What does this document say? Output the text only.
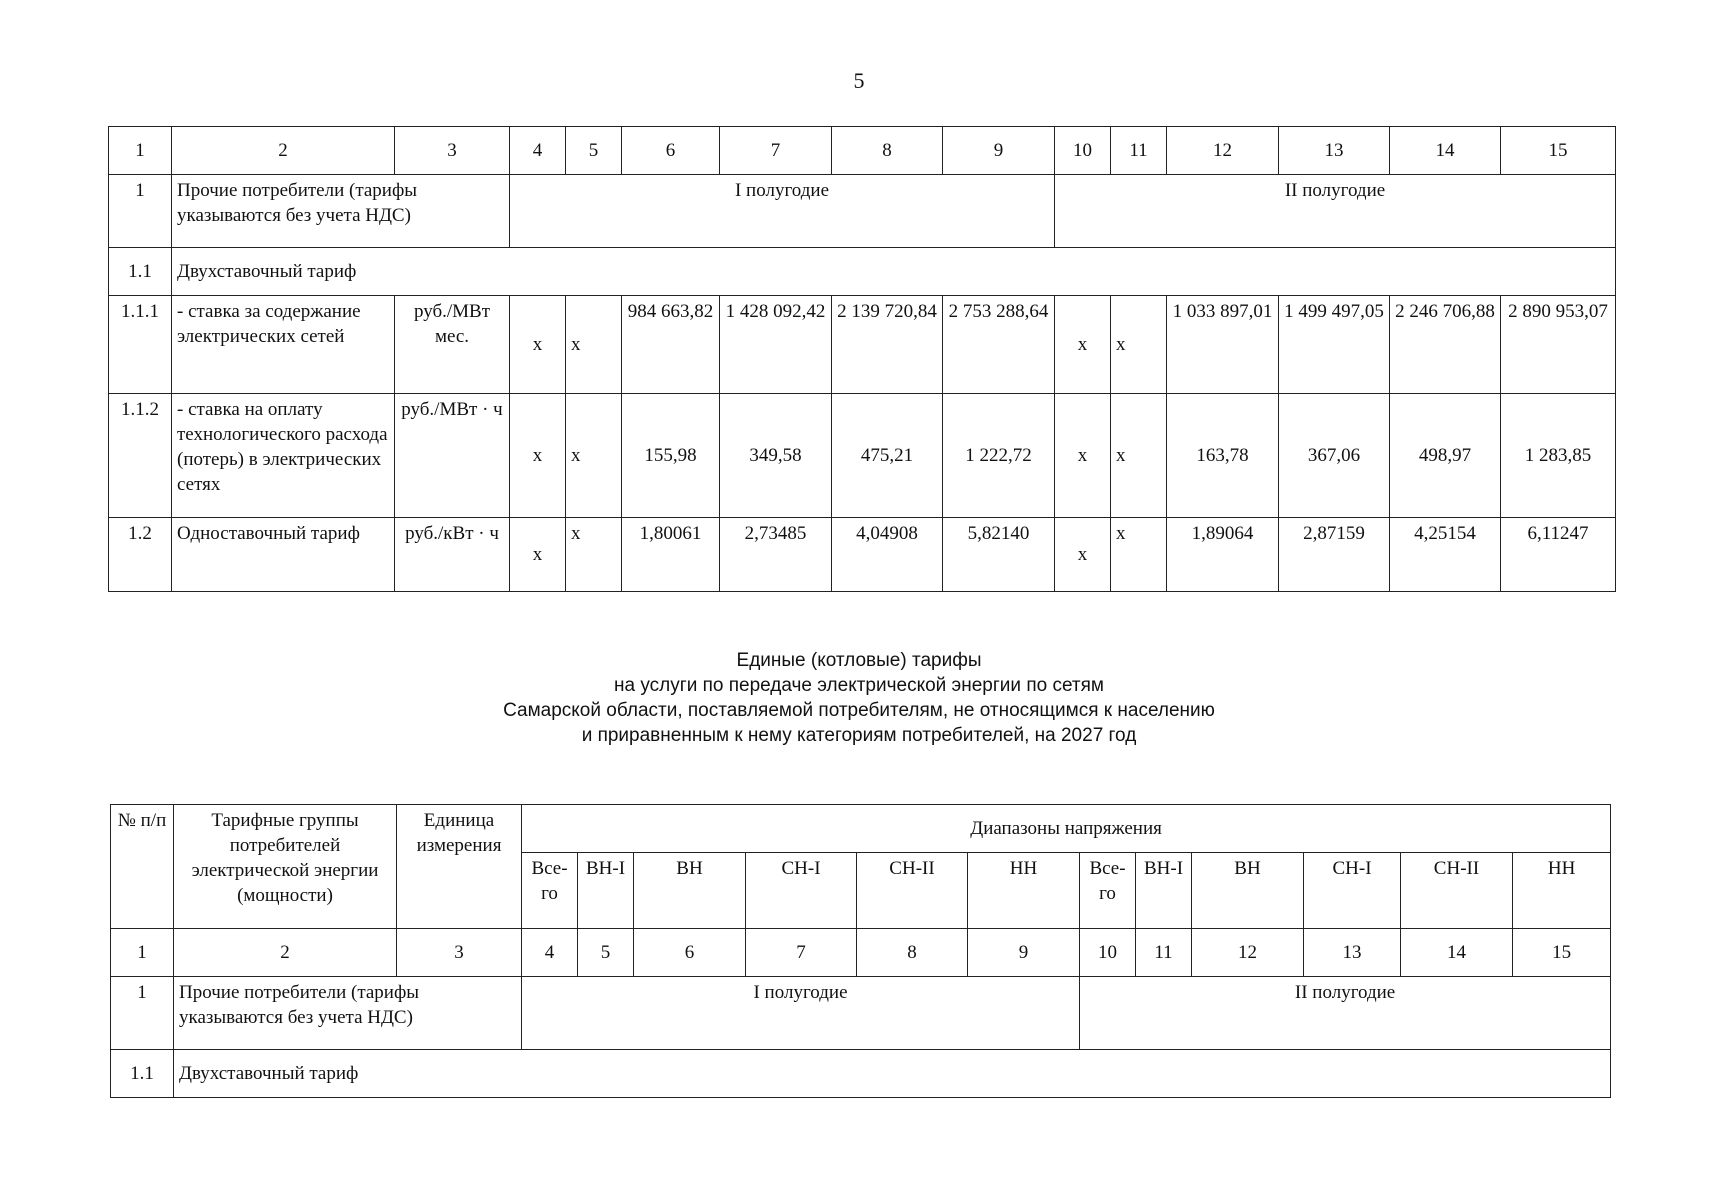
5
1	2	3	4	5	6	7	8	9	10	11	12	13	14	15
1	Прочие потребители (тарифы указываются без учета НДС)		I полугодие						II полугодие					
1.1	Двухставочный тариф													
1.1.1	- ставка за содержание электрических сетей	руб./МВт мес.	x	x	984 663,82	1 428 092,42	2 139 720,84	2 753 288,64	x	x	1 033 897,01	1 499 497,05	2 246 706,88	2 890 953,07
1.1.2	- ставка на оплату технологического расхода (потерь) в электрических сетях	руб./МВт · ч	x	x	155,98	349,58	475,21	1 222,72	x	x	163,78	367,06	498,97	1 283,85
1.2	Одноставочный тариф	руб./кВт · ч	x	x	1,80061	2,73485	4,04908	5,82140	x	x	1,89064	2,87159	4,25154	6,11247
Единые (котловые) тарифы
на услуги по передаче электрической энергии по сетям
Самарской области, поставляемой потребителям, не относящимся к населению
и приравненным к нему категориям потребителей, на 2027 год
№ п/п	Тарифные группы потребителей электрической энергии (мощности)	Единица измерения	Диапазоны напряжения											
			Все-го	ВН-I	ВН	СН-I	СН-II	НН	Все-го	ВН-I	ВН	СН-I	СН-II	НН
1	2	3	4	5	6	7	8	9	10	11	12	13	14	15
1	Прочие потребители (тарифы указываются без учета НДС)		I полугодие						II полугодие					
1.1	Двухставочный тариф													
